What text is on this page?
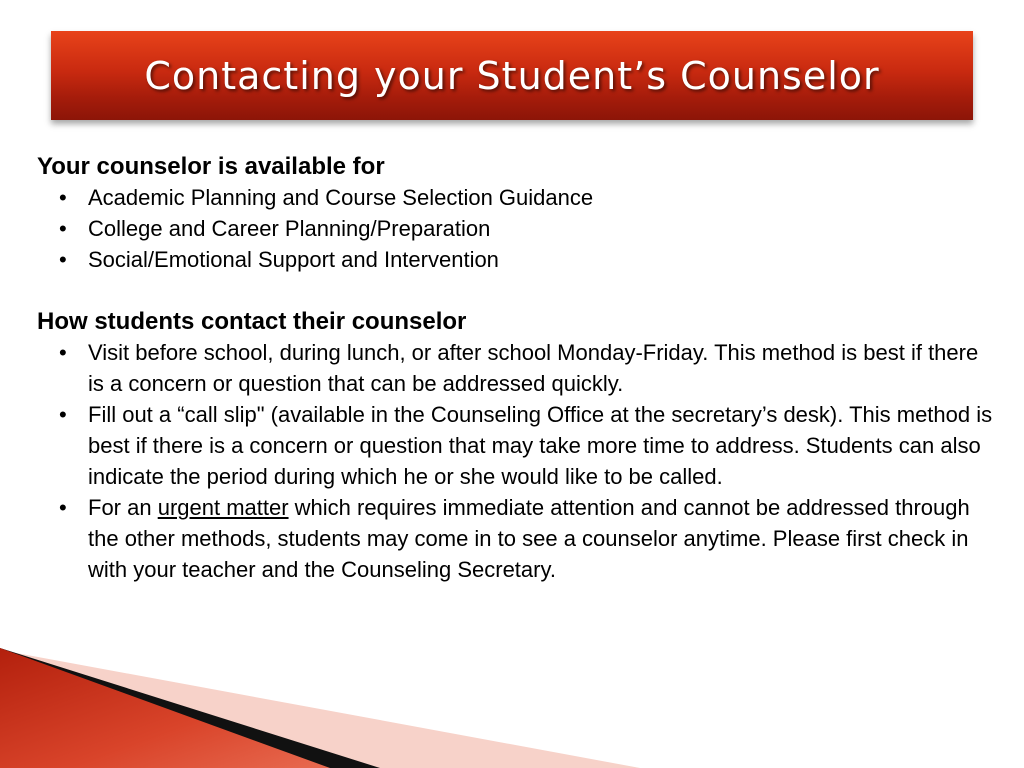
Contacting your Student’s Counselor

Your counselor is available for

• Academic Planning and Course Selection Guidance
• College and Career Planning/Preparation
• Social/Emotional Support and Intervention

How students contact their counselor

• Visit before school, during lunch, or after school Monday-Friday. This method is best if there is a concern or question that can be addressed quickly.
• Fill out a “call slip" (available in the Counseling Office at the secretary’s desk). This method is best if there is a concern or question that may take more time to address. Students can also indicate the period during which he or she would like to be called.
• For an urgent matter which requires immediate attention and cannot be addressed through the other methods, students may come in to see a counselor anytime. Please first check in with your teacher and the Counseling Secretary.
